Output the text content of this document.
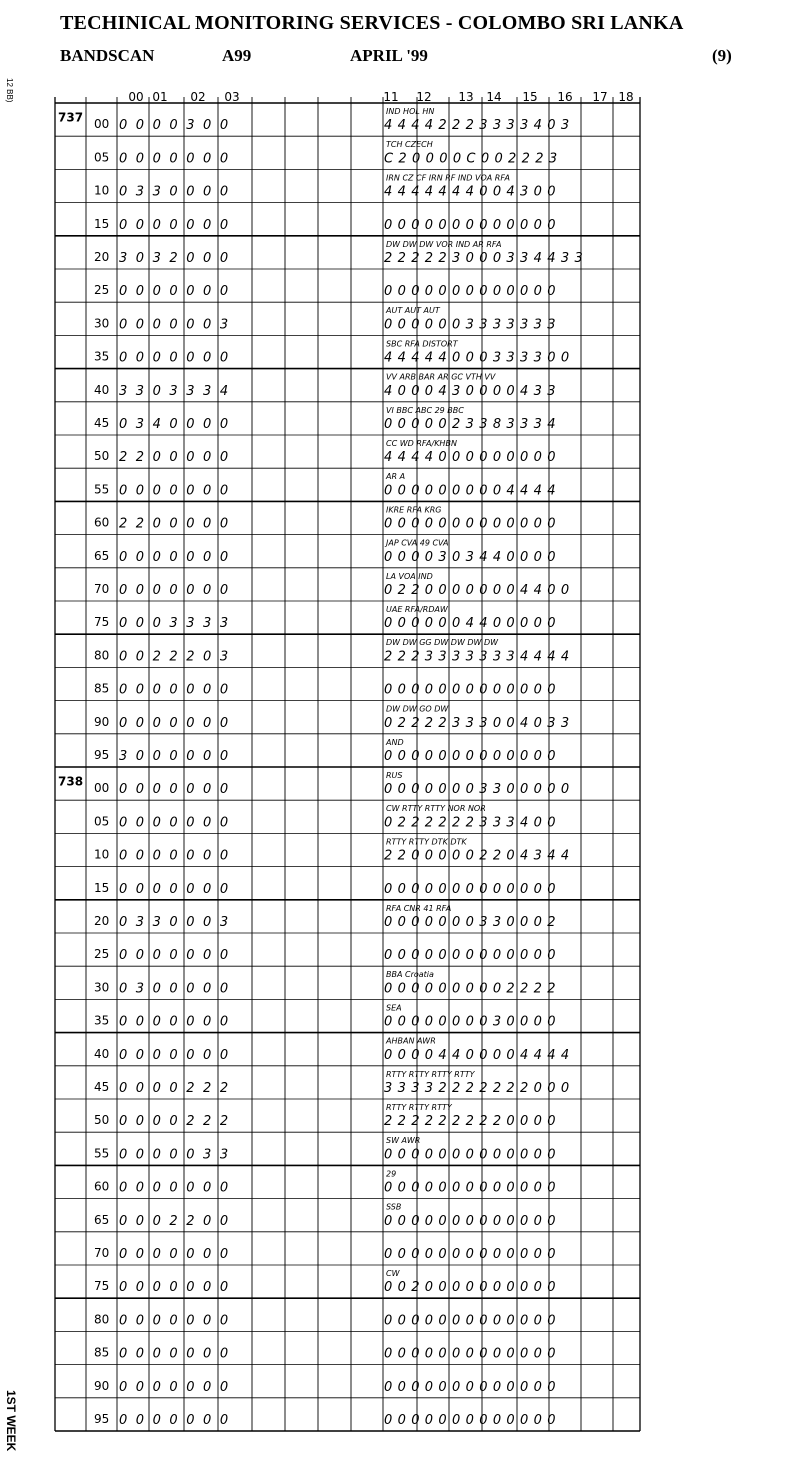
TECHINICAL MONITORING SERVICES - COLOMBO SRI LANKA
BANDSCAN	A99	APRIL '99	(9)
12 BB)
1ST WEEK
00 01 02 03	11 12 13 14 15 16 17 18
737
738
00 0 0 0 0 3 0 0	4 4 4 4 2 2 2 3 3 3 3 4 0 3
IND HOL HN
05 0 0 0 0 0 0 0	C 2 0 0 0 0 C 0 0 2 2 2 3
TCH CZECH
10 0 3 3 0 0 0 0	4 4 4 4 4 4 4 0 0 4 3 0 0
IRN CZ CF IRN RF IND VOA RFA
15 0 0 0 0 0 0 0	0 0 0 0 0 0 0 0 0 0 0 0 0
20 3 0 3 2 0 0 0	2 2 2 2 2 3 0 0 0 3 3 4 4 3 3
DW DW DW VOR IND AR RFA
25 0 0 0 0 0 0 0	0 0 0 0 0 0 0 0 0 0 0 0 0
30 0 0 0 0 0 0 3	0 0 0 0 0 0 3 3 3 3 3 3 3
AUT AUT AUT
35 0 0 0 0 0 0 0	4 4 4 4 4 0 0 0 3 3 3 3 0 0
SBC RFA DISTORT
40 3 3 0 3 3 3 4	4 0 0 0 4 3 0 0 0 0 4 3 3
VV ARB BAR AR GC VTH VV
45 0 3 4 0 0 0 0	0 0 0 0 0 2 3 3 8 3 3 3 4
VI BBC ABC 29 BBC
50 2 2 0 0 0 0 0	4 4 4 4 0 0 0 0 0 0 0 0 0
CC WD RFA/KHBN
55 0 0 0 0 0 0 0	0 0 0 0 0 0 0 0 0 4 4 4 4
AR A
60 2 2 0 0 0 0 0	0 0 0 0 0 0 0 0 0 0 0 0 0
IKRE RFA KRG
65 0 0 0 0 0 0 0	0 0 0 0 3 0 3 4 4 0 0 0 0
JAP CVA 49 CVA
70 0 0 0 0 0 0 0	0 2 2 0 0 0 0 0 0 0 4 4 0 0
LA VOA IND
75 0 0 0 3 3 3 3	0 0 0 0 0 0 4 4 0 0 0 0 0
UAE RFA/RDAW
80 0 0 2 2 2 0 3	2 2 2 3 3 3 3 3 3 3 4 4 4 4
DW DW GG DW DW DW DW
85 0 0 0 0 0 0 0	0 0 0 0 0 0 0 0 0 0 0 0 0
90 0 0 0 0 0 0 0	0 2 2 2 2 3 3 3 0 0 4 0 3 3
DW DW GO DW
95 3 0 0 0 0 0 0	0 0 0 0 0 0 0 0 0 0 0 0 0
AND
00 0 0 0 0 0 0 0	0 0 0 0 0 0 0 3 3 0 0 0 0 0
RUS
05 0 0 0 0 0 0 0	0 2 2 2 2 2 2 3 3 3 4 0 0
CW RTTY RTTY NOR NOR
10 0 0 0 0 0 0 0	2 2 0 0 0 0 0 2 2 0 4 3 4 4
RTTY RTTY DTK DTK
15 0 0 0 0 0 0 0	0 0 0 0 0 0 0 0 0 0 0 0 0
20 0 3 3 0 0 0 3	0 0 0 0 0 0 0 3 3 0 0 0 2
RFA CNR 41 RFA
25 0 0 0 0 0 0 0	0 0 0 0 0 0 0 0 0 0 0 0 0
30 0 3 0 0 0 0 0	0 0 0 0 0 0 0 0 0 2 2 2 2
BBA Croatia
35 0 0 0 0 0 0 0	0 0 0 0 0 0 0 0 3 0 0 0 0
SEA
40 0 0 0 0 0 0 0	0 0 0 0 4 4 0 0 0 0 4 4 4 4
AHBAN AWR
45 0 0 0 0 2 2 2	3 3 3 3 2 2 2 2 2 2 2 0 0 0
RTTY RTTY RTTY RTTY
50 0 0 0 0 2 2 2	2 2 2 2 2 2 2 2 2 0 0 0 0
RTTY RTTY RTTY
55 0 0 0 0 0 3 3	0 0 0 0 0 0 0 0 0 0 0 0 0
SW AWR
60 0 0 0 0 0 0 0	0 0 0 0 0 0 0 0 0 0 0 0 0
29
65 0 0 0 2 2 0 0	0 0 0 0 0 0 0 0 0 0 0 0 0
SSB
70 0 0 0 0 0 0 0	0 0 0 0 0 0 0 0 0 0 0 0 0
75 0 0 0 0 0 0 0	0 0 2 0 0 0 0 0 0 0 0 0 0
CW
80 0 0 0 0 0 0 0	0 0 0 0 0 0 0 0 0 0 0 0 0
85 0 0 0 0 0 0 0	0 0 0 0 0 0 0 0 0 0 0 0 0
90 0 0 0 0 0 0 0	0 0 0 0 0 0 0 0 0 0 0 0 0
95 0 0 0 0 0 0 0	0 0 0 0 0 0 0 0 0 0 0 0 0
